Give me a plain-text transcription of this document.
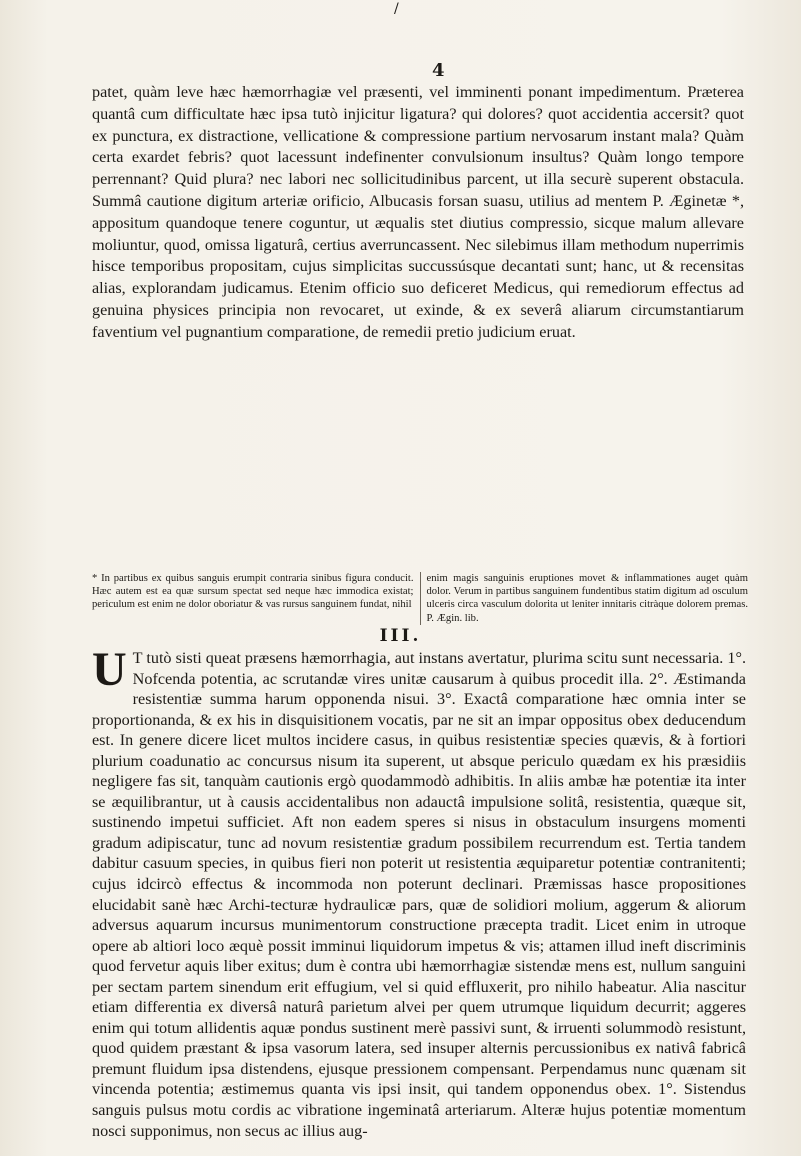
/
4

patet, quàm leve hæc hæmorrhagiæ vel præsenti, vel imminenti ponant impedimentum. Præterea quantâ cum difficultate hæc ipsa tutò injicitur ligatura? qui dolores? quot accidentia accersit? quot ex punctura, ex distractione, vellicatione & compressione partium nervosarum instant mala? Quàm certa exardet febris? quot lacessunt indefinenter convulsionum insultus? Quàm longo tempore perrennant? Quid plura? nec labori nec sollicitudinibus parcent, ut illa securè superent obstacula. Summâ cautione digitum arteriæ orificio, Albucasis forsan suasu, utilius ad mentem P. Æginetæ *, appositum quandoque tenere coguntur, ut æqualis stet diutius compressio, sicque malum allevare moliuntur, quod, omissa ligaturâ, certius averruncassent. Nec silebimus illam methodum nuperrimis hisce temporibus propositam, cujus simplicitas succussúsque decantati sunt; hanc, ut & recensitas alias, explorandam judicamus. Etenim officio suo deficeret Medicus, qui remediorum effectus ad genuina physices principia non revocaret, ut exinde, & ex severâ aliarum circumstantiarum faventium vel pugnantium comparatione, de remedii pretio judicium eruat.

* In partibus ex quibus sanguis erumpit contraria sinibus figura conducit. Hæc autem est ea quæ sursum spectat sed neque hæc immodica existat; periculum est enim ne dolor oboriatur & vas rursus sanguinem fundat, nihil

enim magis sanguinis eruptiones movet & inflammationes auget quàm dolor. Verum in partibus sanguinem fundentibus statim digitum ad osculum ulceris circa vasculum dolorita ut leniter innitaris citràque dolorem premas. P. Ægin. lib.

III.

U T tutò sisti queat præsens hæmorrhagia, aut instans avertatur, plurima scitu sunt necessaria. 1°. Nofcenda potentia, ac scrutandæ vires unitæ causarum à quibus procedit illa. 2°. Æstimanda resistentiæ summa harum opponenda nisui. 3°. Exactâ comparatione hæc omnia inter se proportionanda, & ex his in disquisitionem vocatis, par ne sit an impar oppositus obex deducendum est. In genere dicere licet multos incidere casus, in quibus resistentiæ species quævis, & à fortiori plurium coadunatio ac concursus nisum ita superent, ut absque periculo quædam ex his præsidiis negligere fas sit, tanquàm cautionis ergò quodammodò adhibitis. In aliis ambæ hæ potentiæ ita inter se æquilibrantur, ut à causis accidentalibus non adauctâ impulsione solitâ, resistentia, quæque sit, sustinendo impetui sufficiet. Aft non eadem speres si nisus in obstaculum insurgens momenti gradum adipiscatur, tunc ad novum resistentiæ gradum possibilem recurrendum est. Tertia tandem dabitur casuum species, in quibus fieri non poterit ut resistentia æquiparetur potentiæ contranitenti; cujus idcircò effectus & incommoda non poterunt declinari. Præmissas hasce propositiones elucidabit sanè hæc Archi-tecturæ hydraulicæ pars, quæ de solidiori molium, aggerum & aliorum adversus aquarum incursus munimentorum constructione præcepta tradit. Licet enim in utroque opere ab altiori loco æquè possit imminui liquidorum impetus & vis; attamen illud ineft discriminis quod fervetur aquis liber exitus; dum è contra ubi hæmorrhagiæ sistendæ mens est, nullum sanguini per sectam partem sinendum erit effugium, vel si quid effluxerit, pro nihilo habeatur. Alia nascitur etiam differentia ex diversâ naturâ parietum alvei per quem utrumque liquidum decurrit; aggeres enim qui totum allidentis aquæ pondus sustinent merè passivi sunt, & irruenti solummodò resistunt, quod quidem præstant & ipsa vasorum latera, sed insuper alternis percussionibus ex nativâ fabricâ premunt fluidum ipsa distendens, ejusque pressionem compensant. Perpendamus nunc quænam sit vincenda potentia; æstimemus quanta vis ipsi insit, qui tandem opponendus obex. 1°. Sistendus sanguis pulsus motu cordis ac vibratione ingeminatâ arteriarum. Alteræ hujus potentiæ momentum nosci supponimus, non secus ac illius aug-
